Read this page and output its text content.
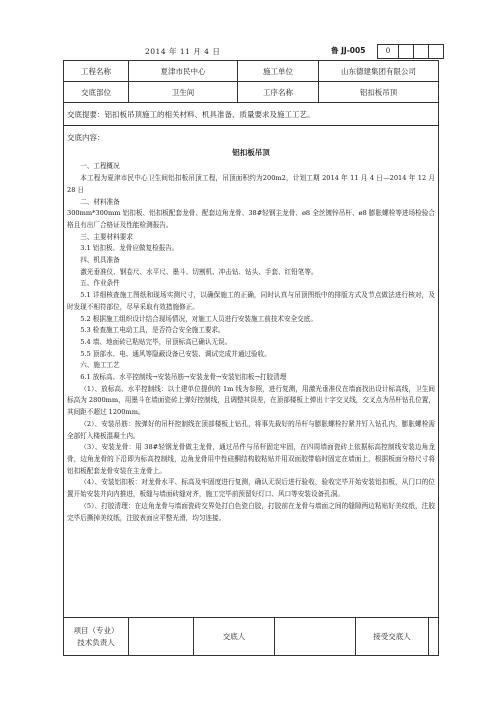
2014 年 11 月 4 日	鲁 JJ-005	0
工程名称	夏津市民中心	施工单位	山东德建集团有限公司
交底部位	卫生间	工序名称	铝扣板吊顶
交底提要：铝扣板吊顶施工的相关材料、机具准备、质量要求及施工工艺。
交底内容：
铝扣板吊顶

一、工程概况

本工程为夏津市民中心卫生间铝扣板吊顶工程，吊顶面积约为200m2，计划工期 2014 年 11 月 4 日—2014 年 12 月 28 日

二、材料准备

300mm*300mm 铝扣板、铝扣板配套龙骨、配套边角龙骨、38#轻钢主龙骨、ø8 全丝镀锌吊杆、ø8 膨胀螺栓等进场检验合格且有出厂合格证及性能检测报告。

三、主要材料要求

3.1 铝扣板、龙骨应做复检报告。

四、机具准备

激光垂准仪、钢卷尺、水平尺、墨斗、切割机、冲击钻、钻头、手套、红铅笔等。

五、作业条件

5.1 详细核查施工图纸和现场实测尺寸，以确保施工的正确，同时认真与吊顶图纸中的排版方式及节点做法进行核对，及时发现不相符部位，尽早采取有效措施修正。

5.2 根据施工组织设计结合现场情况，对施工人员进行安装施工前技术安全交底。

5.3 检查施工电动工具，是否符合安全施工要求。

5.4 墙、地面砖已粘贴完毕，吊顶标高已确认无误。

5.5 顶部水、电、通风等隐蔽设备已安装、调试完成并通过验收。

六、施工工艺

6.1 放标高、水平控制线→安装吊筋→安装龙骨→安装铝扣板→打胶清理

（1）、放标高、水平控制线：以土建单位提供的 1m 线为参照，进行复测，用激光垂准仪在墙面找出设计标高线，卫生间标高为 2800mm，用墨斗在墙面瓷砖上弹好控制线，且调整其误差，在顶部楼板上弹出十字交叉线，交叉点为吊杆钻孔位置，其间距不超过 1200mm。

（2）、安装吊筋：按弹好的吊杆控制线在顶部楼板上钻孔，将事先裁好的吊杆与膨胀螺栓拧紧并钉入钻孔内，膨胀螺栓需全部钉入楼板混凝土内。

（3）、安装龙骨：用 38#轻钢龙骨做主龙骨，通过吊件与吊杆固定牢固，在四周墙面瓷砖上依据标高控制线安装边角龙骨，边角龙骨的下沿即为标高控制线，边角龙骨用中性硅酮结构胶粘贴并用双面胶带临时固定在墙面上，根据板面分格尺寸将铝扣板配套龙骨安装在主龙骨上。

（4）、安装铝扣板：对龙骨水平、标高及牢固度进行复测，确认无误后进行验收，验收完毕开始安装铝扣板，从门口的位置开始安装并向内推进，板缝与墙面砖缝对齐，施工完毕前预留好灯口、风口等安装设备孔洞。

（5）、打胶清理：在边角龙骨与墙面瓷砖交界处打白色瓷白胶，打胶前在龙骨与墙面之间的缝隙两边粘贴好美纹纸，注胶完毕后撕掉美纹纸，注胶表面应平整光滑，均匀连接。

项目（专业）
技术负责人
交底人	接受交底人
